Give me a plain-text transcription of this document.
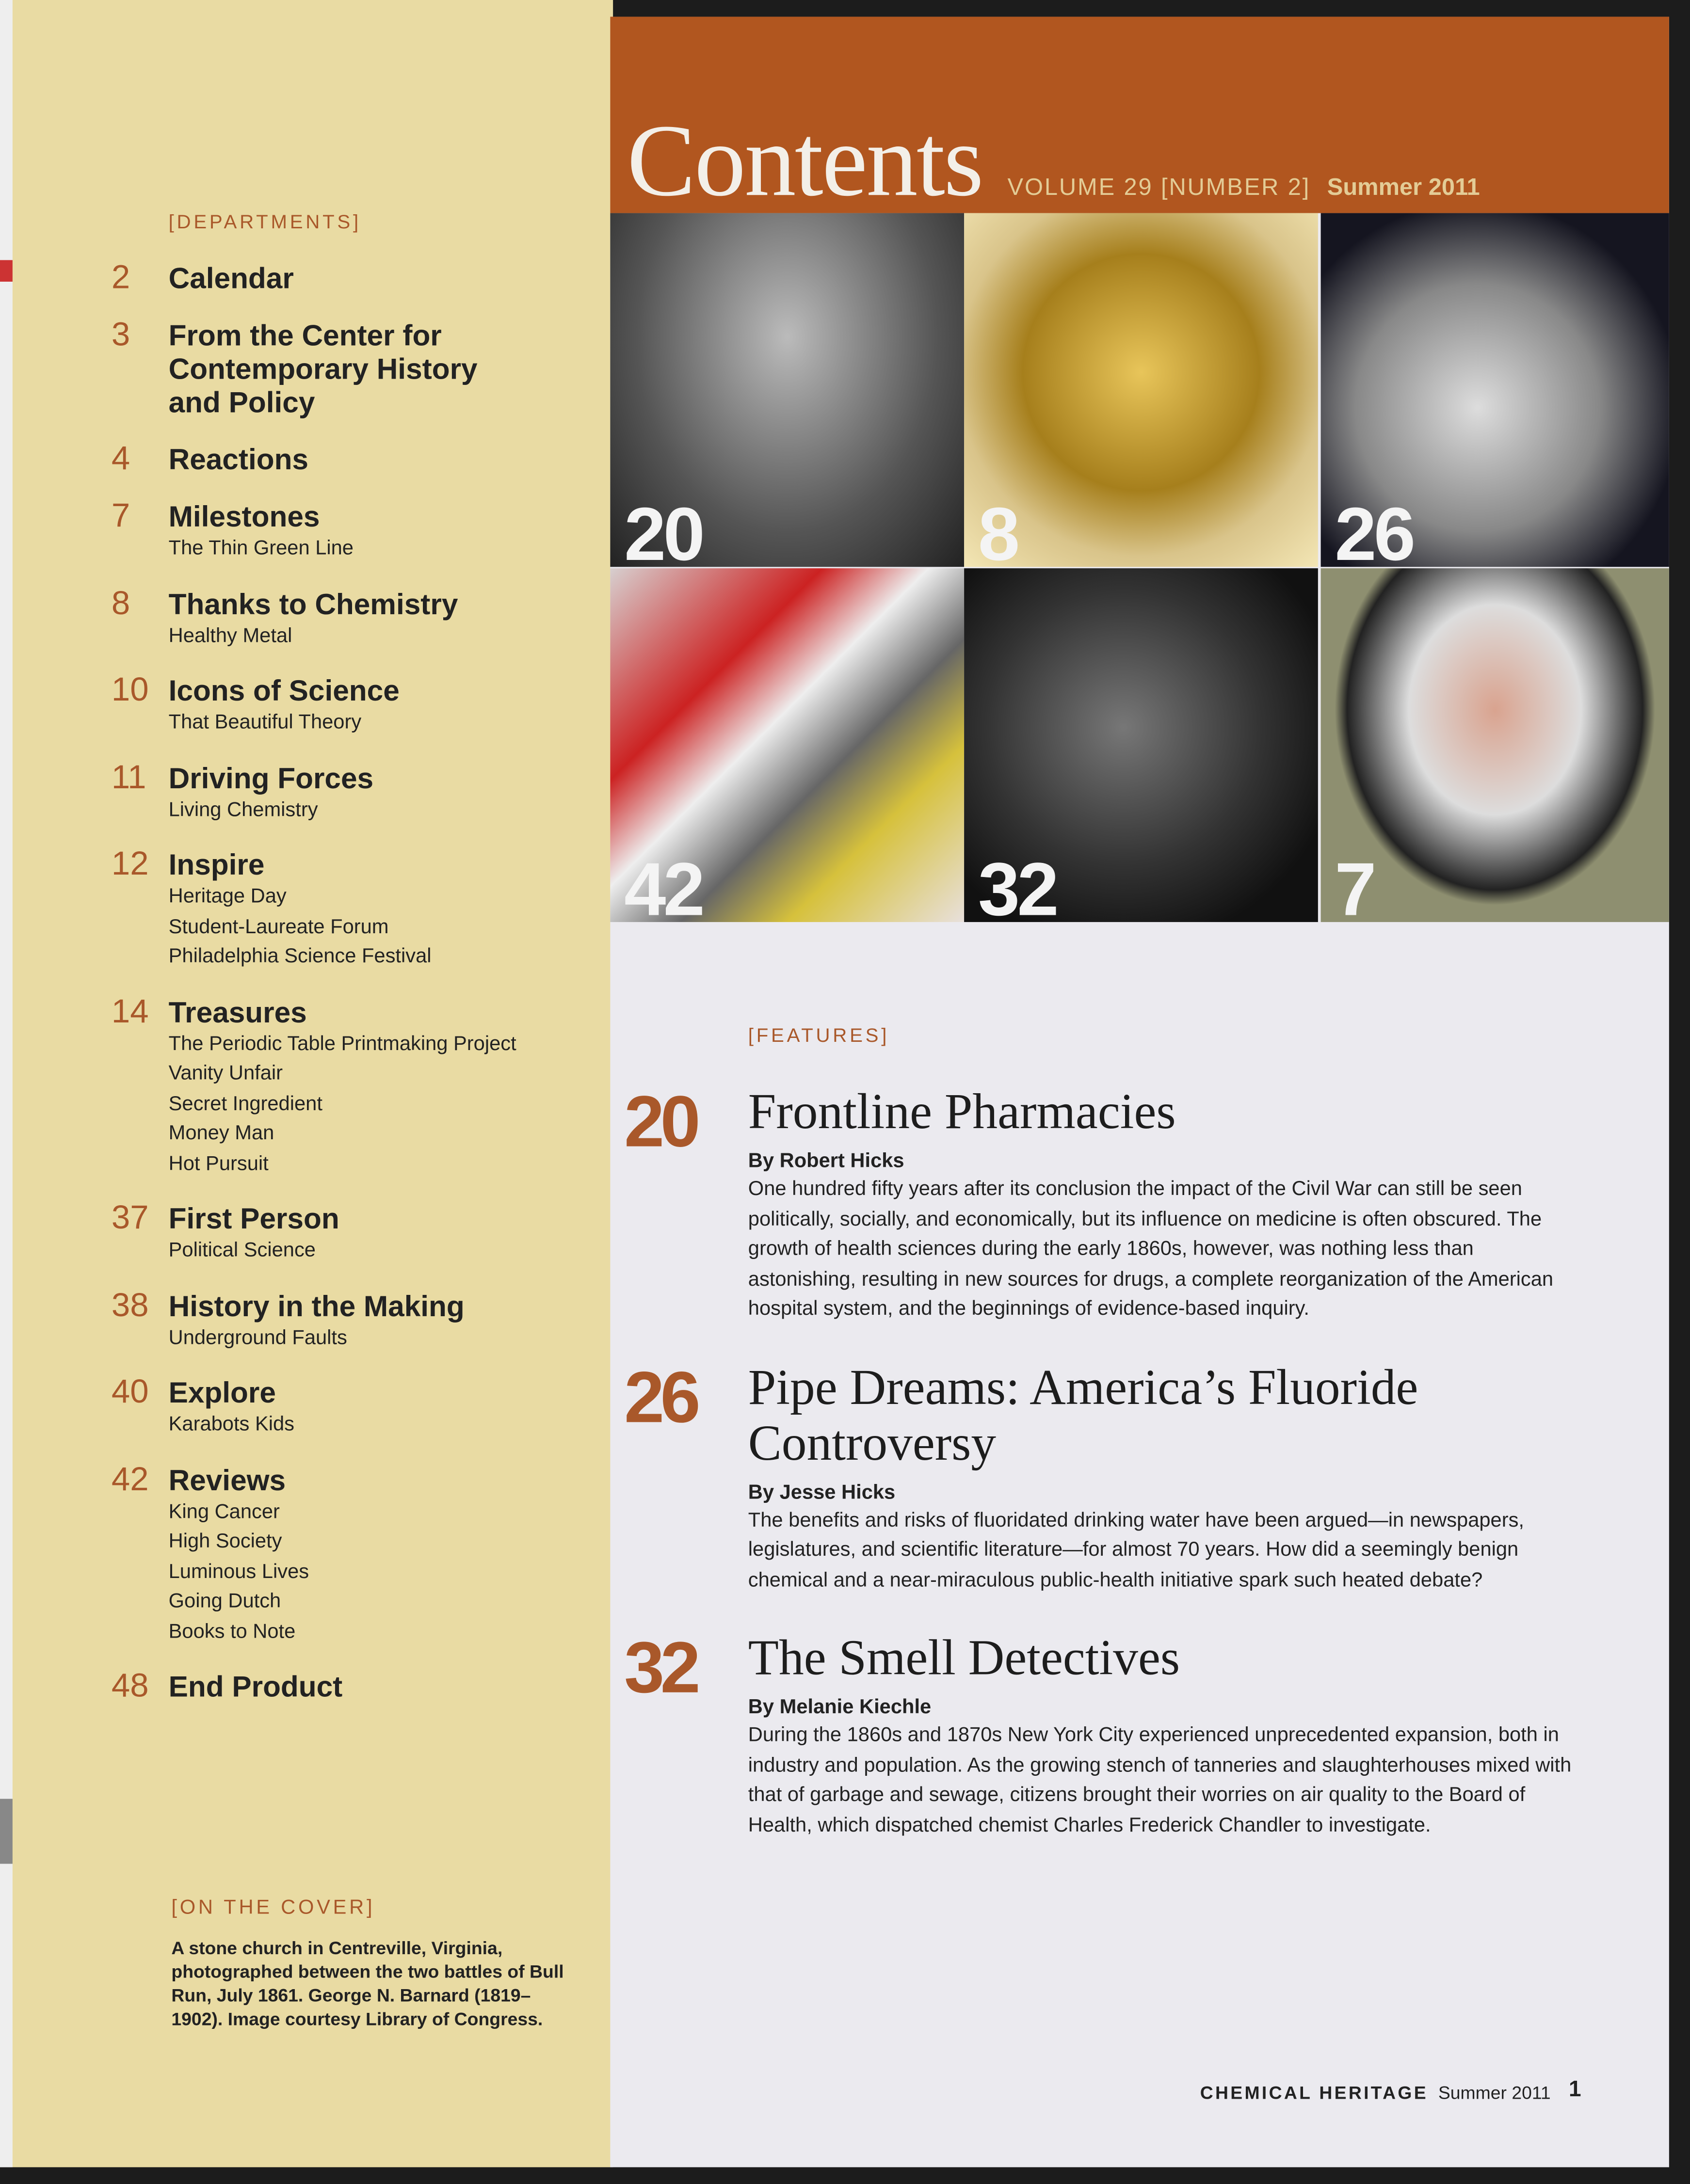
Contents	VOLUME 29 [NUMBER 2] Summer 2011
20	8	26
42	32	7
[DEPARTMENTS]
2	Calendar
3	From the Center for Contemporary History and Policy
4	Reactions
7	Milestones
The Thin Green Line
8	Thanks to Chemistry
Healthy Metal
10 Icons of Science
That Beautiful Theory
11 Driving Forces
Living Chemistry
12 Inspire
Heritage Day
Student-Laureate Forum
Philadelphia Science Festival
14 Treasures
The Periodic Table Printmaking Project
Vanity Unfair
Secret Ingredient
Money Man
Hot Pursuit
37 First Person
Political Science
38 History in the Making
Underground Faults
40 Explore
Karabots Kids
42 Reviews
King Cancer
High Society
Luminous Lives
Going Dutch
Books to Note
48 End Product
[ON THE COVER]
A stone church in Centreville, Virginia, photographed between the two battles of Bull Run, July 1861. George N. Barnard (1819–1902). Image courtesy Library of Congress.
[FEATURES]
20	Frontline Pharmacies
By Robert Hicks
One hundred fifty years after its conclusion the impact of the Civil War can still be seen politically, socially, and economically, but its influence on medicine is often obscured. The growth of health sciences during the early 1860s, however, was nothing less than astonishing, resulting in new sources for drugs, a complete reorganization of the American hospital system, and the beginnings of evidence-based inquiry.
26	Pipe Dreams: America’s Fluoride Controversy
By Jesse Hicks
The benefits and risks of fluoridated drinking water have been argued—in newspapers, legislatures, and scientific literature—for almost 70 years. How did a seemingly benign chemical and a near-miraculous public-health initiative spark such heated debate?
32	The Smell Detectives
By Melanie Kiechle
During the 1860s and 1870s New York City experienced unprecedented expansion, both in industry and population. As the growing stench of tanneries and slaughterhouses mixed with that of garbage and sewage, citizens brought their worries on air quality to the Board of Health, which dispatched chemist Charles Frederick Chandler to investigate.
CHEMICAL HERITAGE Summer 2011 1
